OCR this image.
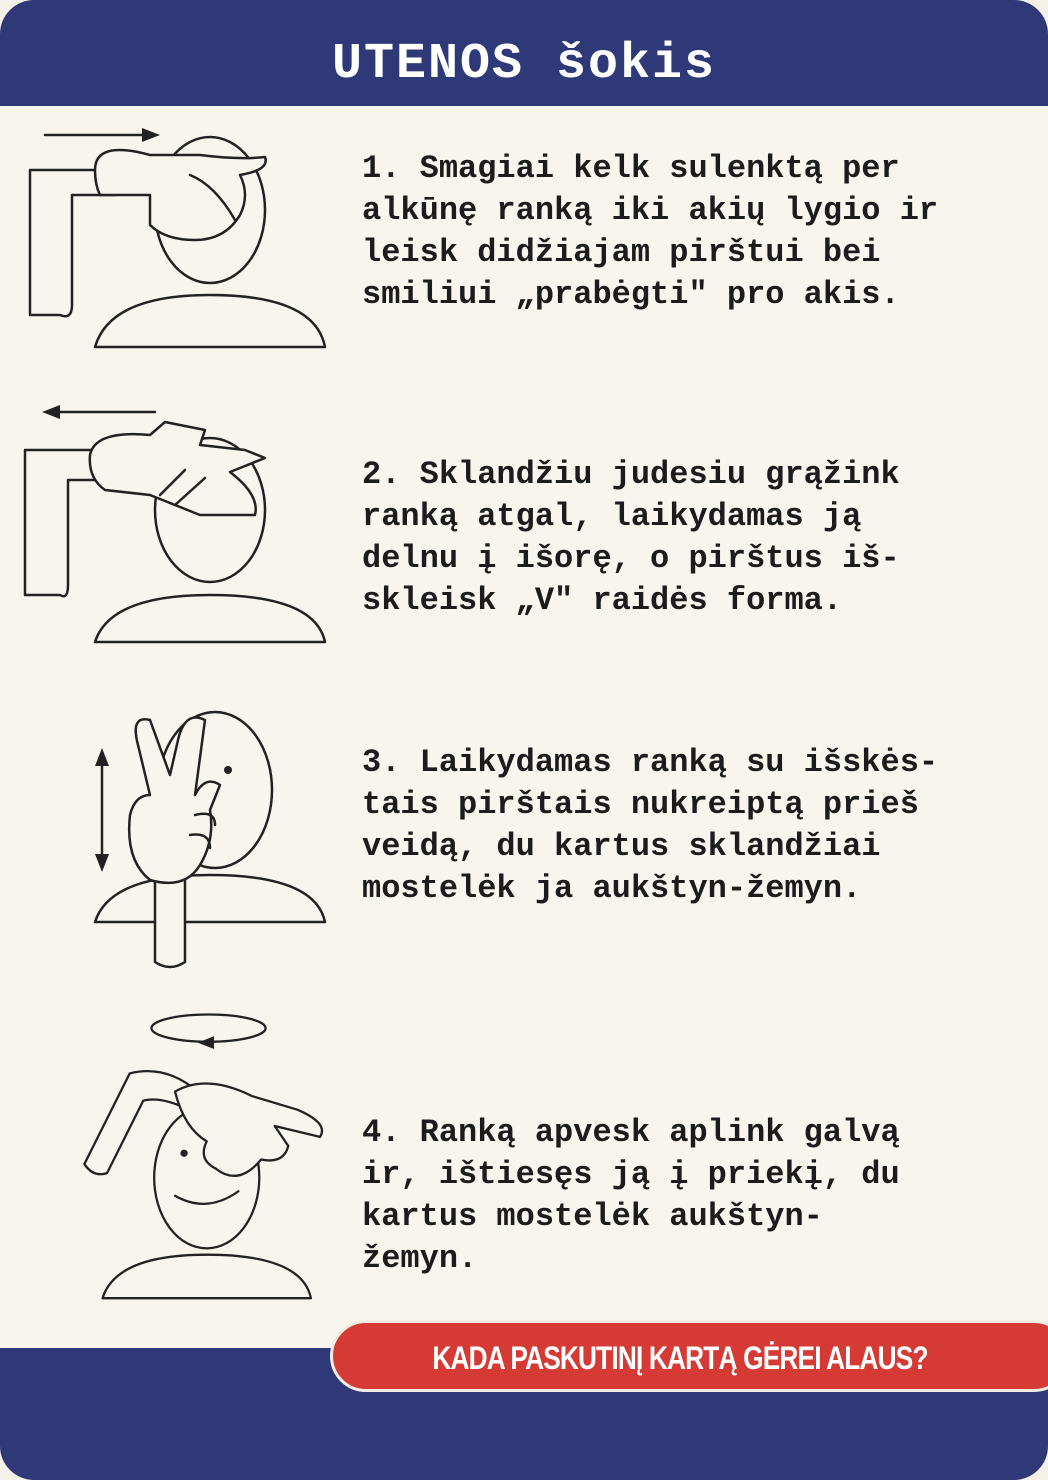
UTENOS šokis

1. Smagiai kelk sulenktą per

alkūnę ranką iki akių lygio ir

leisk didžiajam pirštui bei

smiliui „prabėgti" pro akis.

2. Sklandžiu judesiu grąžink

ranką atgal, laikydamas ją

delnu į išorę, o pirštus iš-

skleisk „V" raidės forma.

3. Laikydamas ranką su išskės-

tais pirštais nukreiptą prieš

veidą, du kartus sklandžiai

mostelėk ja aukštyn-žemyn.

4. Ranką apvesk aplink galvą

ir, ištiesęs ją į priekį, du

kartus mostelėk aukštyn-

žemyn.

KADA PASKUTINĮ KARTĄ GĖREI ALAUS?
